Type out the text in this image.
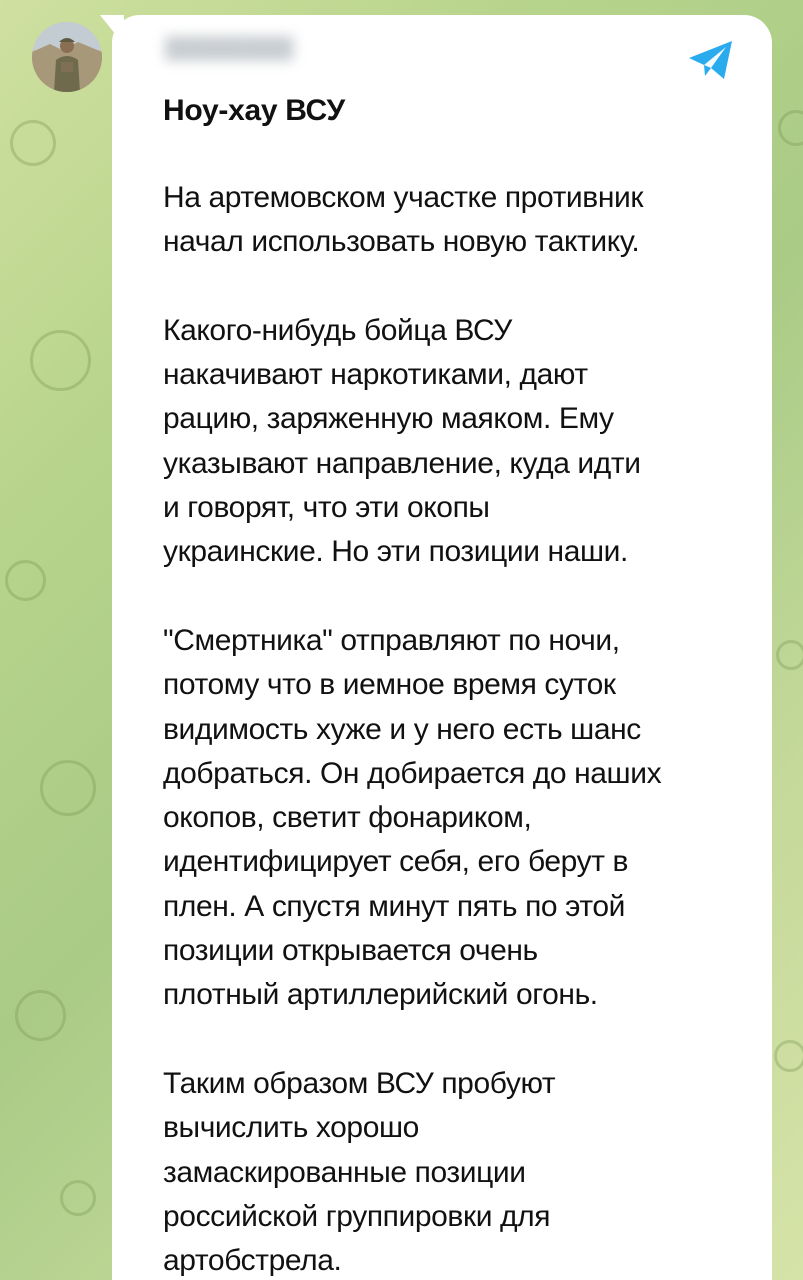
▓▓▓▓▓▓▓▓
Ноу-хау ВСУ

На артемовском участке противник
начал использовать новую тактику.

Какого-нибудь бойца ВСУ
накачивают наркотиками, дают
рацию, заряженную маяком. Ему
указывают направление, куда идти
и говорят, что эти окопы
украинские. Но эти позиции наши.

"Смертника" отправляют по ночи,
потому что в иемное время суток
видимость хуже и у него есть шанс
добраться. Он добирается до наших
окопов, светит фонариком,
идентифицирует себя, его берут в
плен. А спустя минут пять по этой
позиции открывается очень
плотный артиллерийский огонь.

Таким образом ВСУ пробуют
вычислить хорошо
замаскированные позиции
российской группировки для
артобстрела.
